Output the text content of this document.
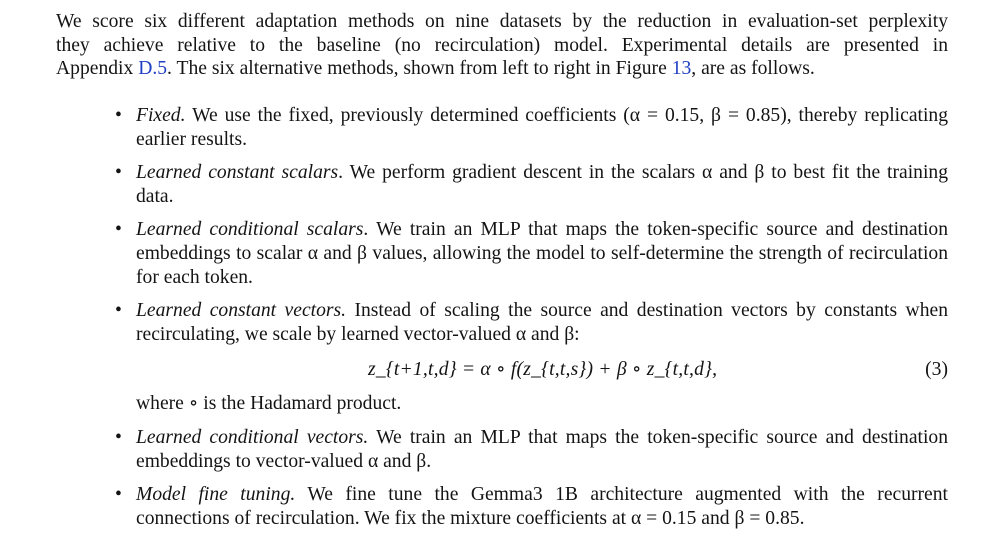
We score six different adaptation methods on nine datasets by the reduction in evaluation-set perplexity
they achieve relative to the baseline (no recirculation) model. Experimental details are presented in
Appendix D.5. The six alternative methods, shown from left to right in Figure 13, are as follows.
• Fixed. We use the fixed, previously determined coefficients (α = 0.15, β = 0.85), thereby replicating earlier results.
• Learned constant scalars. We perform gradient descent in the scalars α and β to best fit the training data.
• Learned conditional scalars. We train an MLP that maps the token-specific source and destination embeddings to scalar α and β values, allowing the model to self-determine the strength of recirculation for each token.
• Learned constant vectors. Instead of scaling the source and destination vectors by constants when recirculating, we scale by learned vector-valued α and β:
z_{t+1,t,d} = α ∘ f(z_{t,t,s}) + β ∘ z_{t,t,d},	(3)
where ∘ is the Hadamard product.
• Learned conditional vectors. We train an MLP that maps the token-specific source and destination embeddings to vector-valued α and β.
• Model fine tuning. We fine tune the Gemma3 1B architecture augmented with the recurrent connections of recirculation. We fix the mixture coefficients at α = 0.15 and β = 0.85.
